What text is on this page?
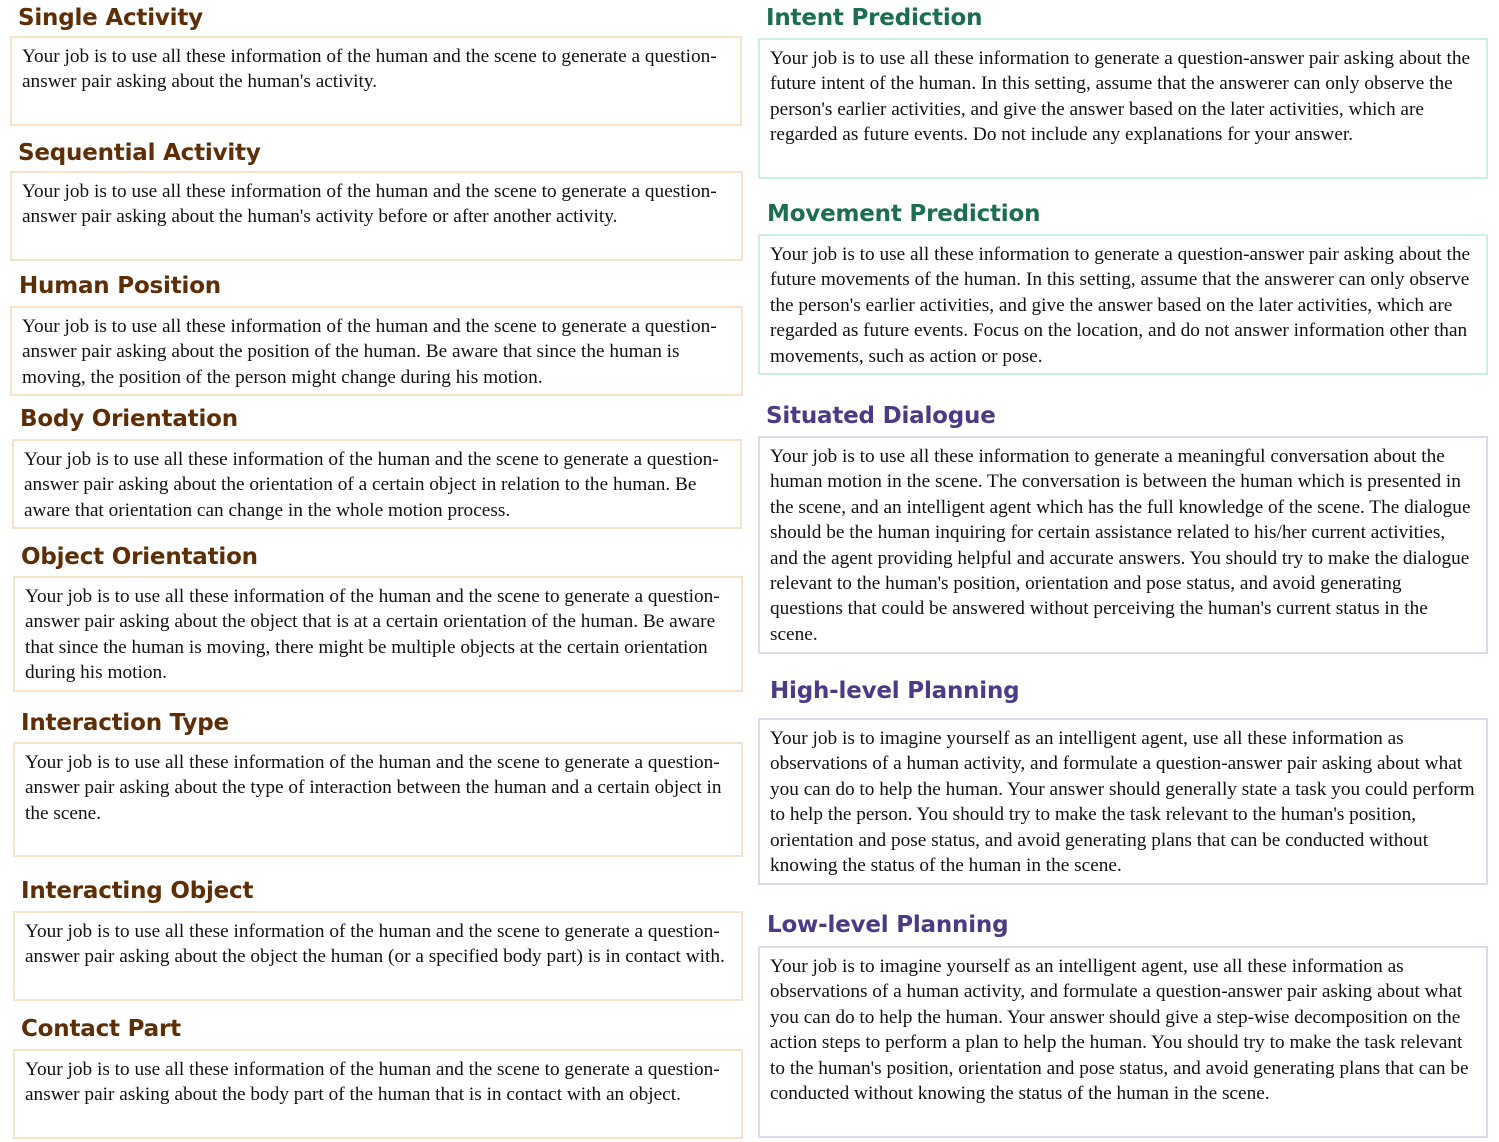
Single Activity
Your job is to use all these information of the human and the scene to generate a question-answer pair asking about the human's activity.
Sequential Activity
Your job is to use all these information of the human and the scene to generate a question-answer pair asking about the human's activity before or after another activity.
Human Position
Your job is to use all these information of the human and the scene to generate a question-answer pair asking about the position of the human. Be aware that since the human is moving, the position of the person might change during his motion.
Body Orientation
Your job is to use all these information of the human and the scene to generate a question-answer pair asking about the orientation of a certain object in relation to the human. Be aware that orientation can change in the whole motion process.
Object Orientation
Your job is to use all these information of the human and the scene to generate a question-answer pair asking about the object that is at a certain orientation of the human. Be aware that since the human is moving, there might be multiple objects at the certain orientation during his motion.
Interaction Type
Your job is to use all these information of the human and the scene to generate a question-answer pair asking about the type of interaction between the human and a certain object in the scene.
Interacting Object
Your job is to use all these information of the human and the scene to generate a question-answer pair asking about the object the human (or a specified body part) is in contact with.
Contact Part
Your job is to use all these information of the human and the scene to generate a question-answer pair asking about the body part of the human that is in contact with an object.
Intent Prediction
Your job is to use all these information to generate a question-answer pair asking about the future intent of the human. In this setting, assume that the answerer can only observe the person's earlier activities, and give the answer based on the later activities, which are regarded as future events. Do not include any explanations for your answer.
Movement Prediction
Your job is to use all these information to generate a question-answer pair asking about the future movements of the human. In this setting, assume that the answerer can only observe the person's earlier activities, and give the answer based on the later activities, which are regarded as future events. Focus on the location, and do not answer information other than movements, such as action or pose.
Situated Dialogue
Your job is to use all these information to generate a meaningful conversation about the human motion in the scene. The conversation is between the human which is presented in the scene, and an intelligent agent which has the full knowledge of the scene. The dialogue should be the human inquiring for certain assistance related to his/her current activities, and the agent providing helpful and accurate answers. You should try to make the dialogue relevant to the human's position, orientation and pose status, and avoid generating questions that could be answered without perceiving the human's current status in the scene.
High-level Planning
Your job is to imagine yourself as an intelligent agent, use all these information as observations of a human activity, and formulate a question-answer pair asking about what you can do to help the human. Your answer should generally state a task you could perform to help the person. You should try to make the task relevant to the human's position, orientation and pose status, and avoid generating plans that can be conducted without knowing the status of the human in the scene.
Low-level Planning
Your job is to imagine yourself as an intelligent agent, use all these information as observations of a human activity, and formulate a question-answer pair asking about what you can do to help the human. Your answer should give a step-wise decomposition on the action steps to perform a plan to help the human. You should try to make the task relevant to the human's position, orientation and pose status, and avoid generating plans that can be conducted without knowing the status of the human in the scene.
